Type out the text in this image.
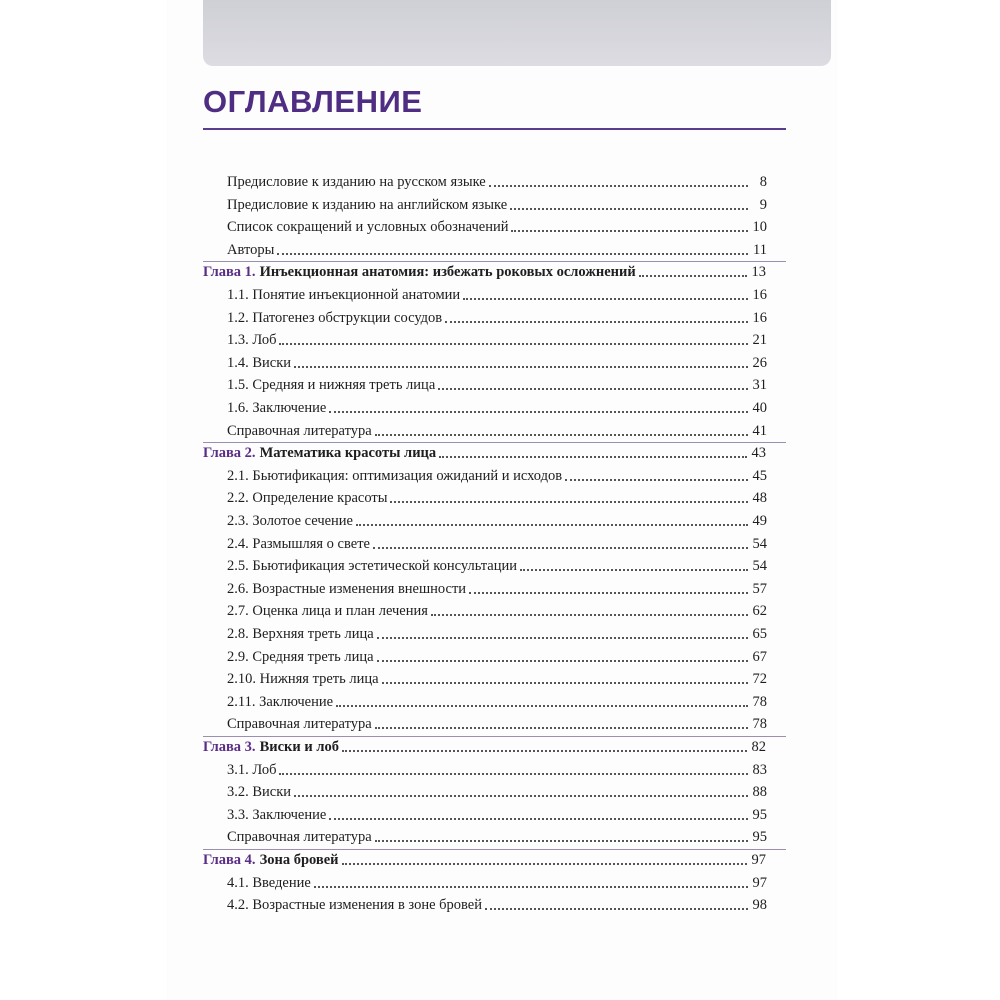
ОГЛАВЛЕНИЕ
Предисловие к изданию на русском языке	8
Предисловие к изданию на английском языке	9
Список сокращений и условных обозначений	10
Авторы	11
Глава 1. Инъекционная анатомия: избежать роковых осложнений	13
1.1. Понятие инъекционной анатомии	16
1.2. Патогенез обструкции сосудов	16
1.3. Лоб	21
1.4. Виски	26
1.5. Средняя и нижняя треть лица	31
1.6. Заключение	40
Справочная литература	41
Глава 2. Математика красоты лица	43
2.1. Бьютификация: оптимизация ожиданий и исходов	45
2.2. Определение красоты	48
2.3. Золотое сечение	49
2.4. Размышляя о свете	54
2.5. Бьютификация эстетической консультации	54
2.6. Возрастные изменения внешности	57
2.7. Оценка лица и план лечения	62
2.8. Верхняя треть лица	65
2.9. Средняя треть лица	67
2.10. Нижняя треть лица	72
2.11. Заключение	78
Справочная литература	78
Глава 3. Виски и лоб	82
3.1. Лоб	83
3.2. Виски	88
3.3. Заключение	95
Справочная литература	95
Глава 4. Зона бровей	97
4.1. Введение	97
4.2. Возрастные изменения в зоне бровей	98
